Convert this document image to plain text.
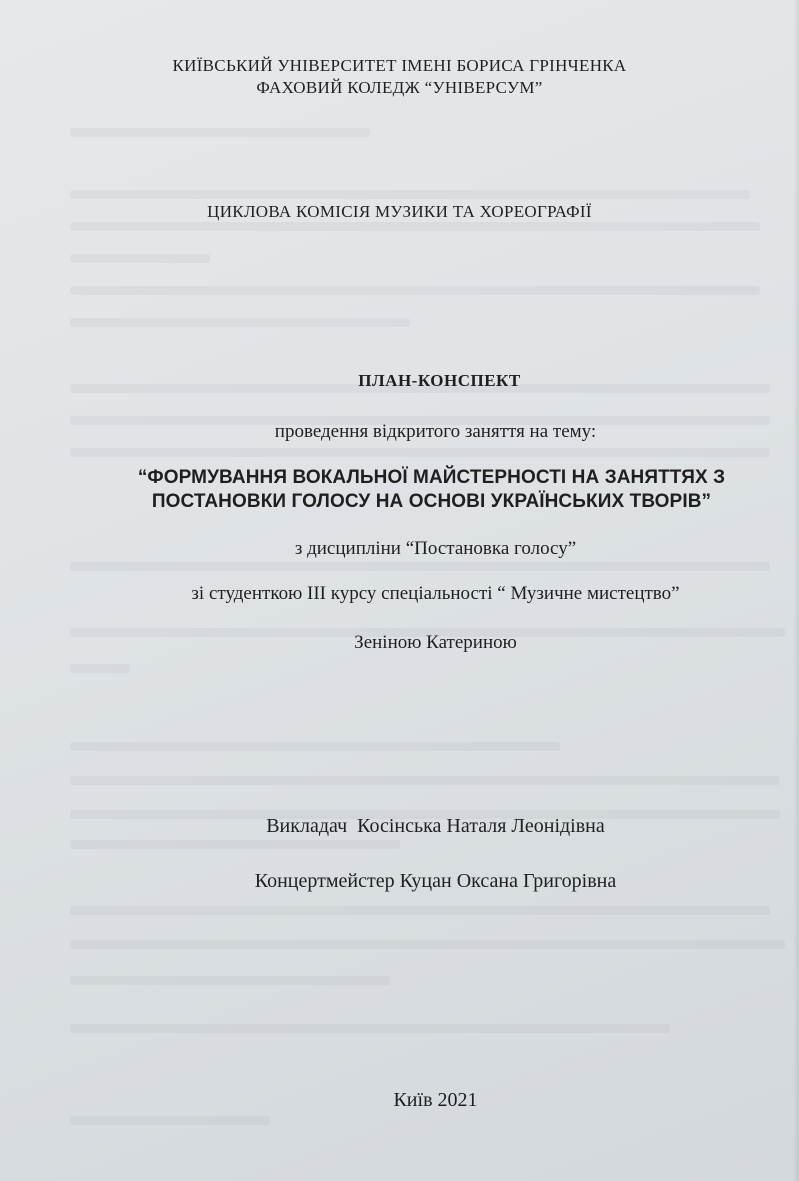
КИЇВСЬКИЙ УНІВЕРСИТЕТ ІМЕНІ БОРИСА ГРІНЧЕНКА
ФАХОВИЙ КОЛЕДЖ “УНІВЕРСУМ”
ЦИКЛОВА КОМІСІЯ МУЗИКИ ТА ХОРЕОГРАФІЇ
ПЛАН-КОНСПЕКТ
проведення відкритого заняття на тему:
“ФОРМУВАННЯ ВОКАЛЬНОЇ МАЙСТЕРНОСТІ НА ЗАНЯТТЯХ З
ПОСТАНОВКИ ГОЛОСУ НА ОСНОВІ УКРАЇНСЬКИХ ТВОРІВ”
з дисципліни “Постановка голосу”
зі студенткою ІІІ курсу спеціальності “ Музичне мистецтво”
Зеніною Катериною
Викладач  Косінська Наталя Леонідівна
Концертмейстер Куцан Оксана Григорівна
Київ 2021
